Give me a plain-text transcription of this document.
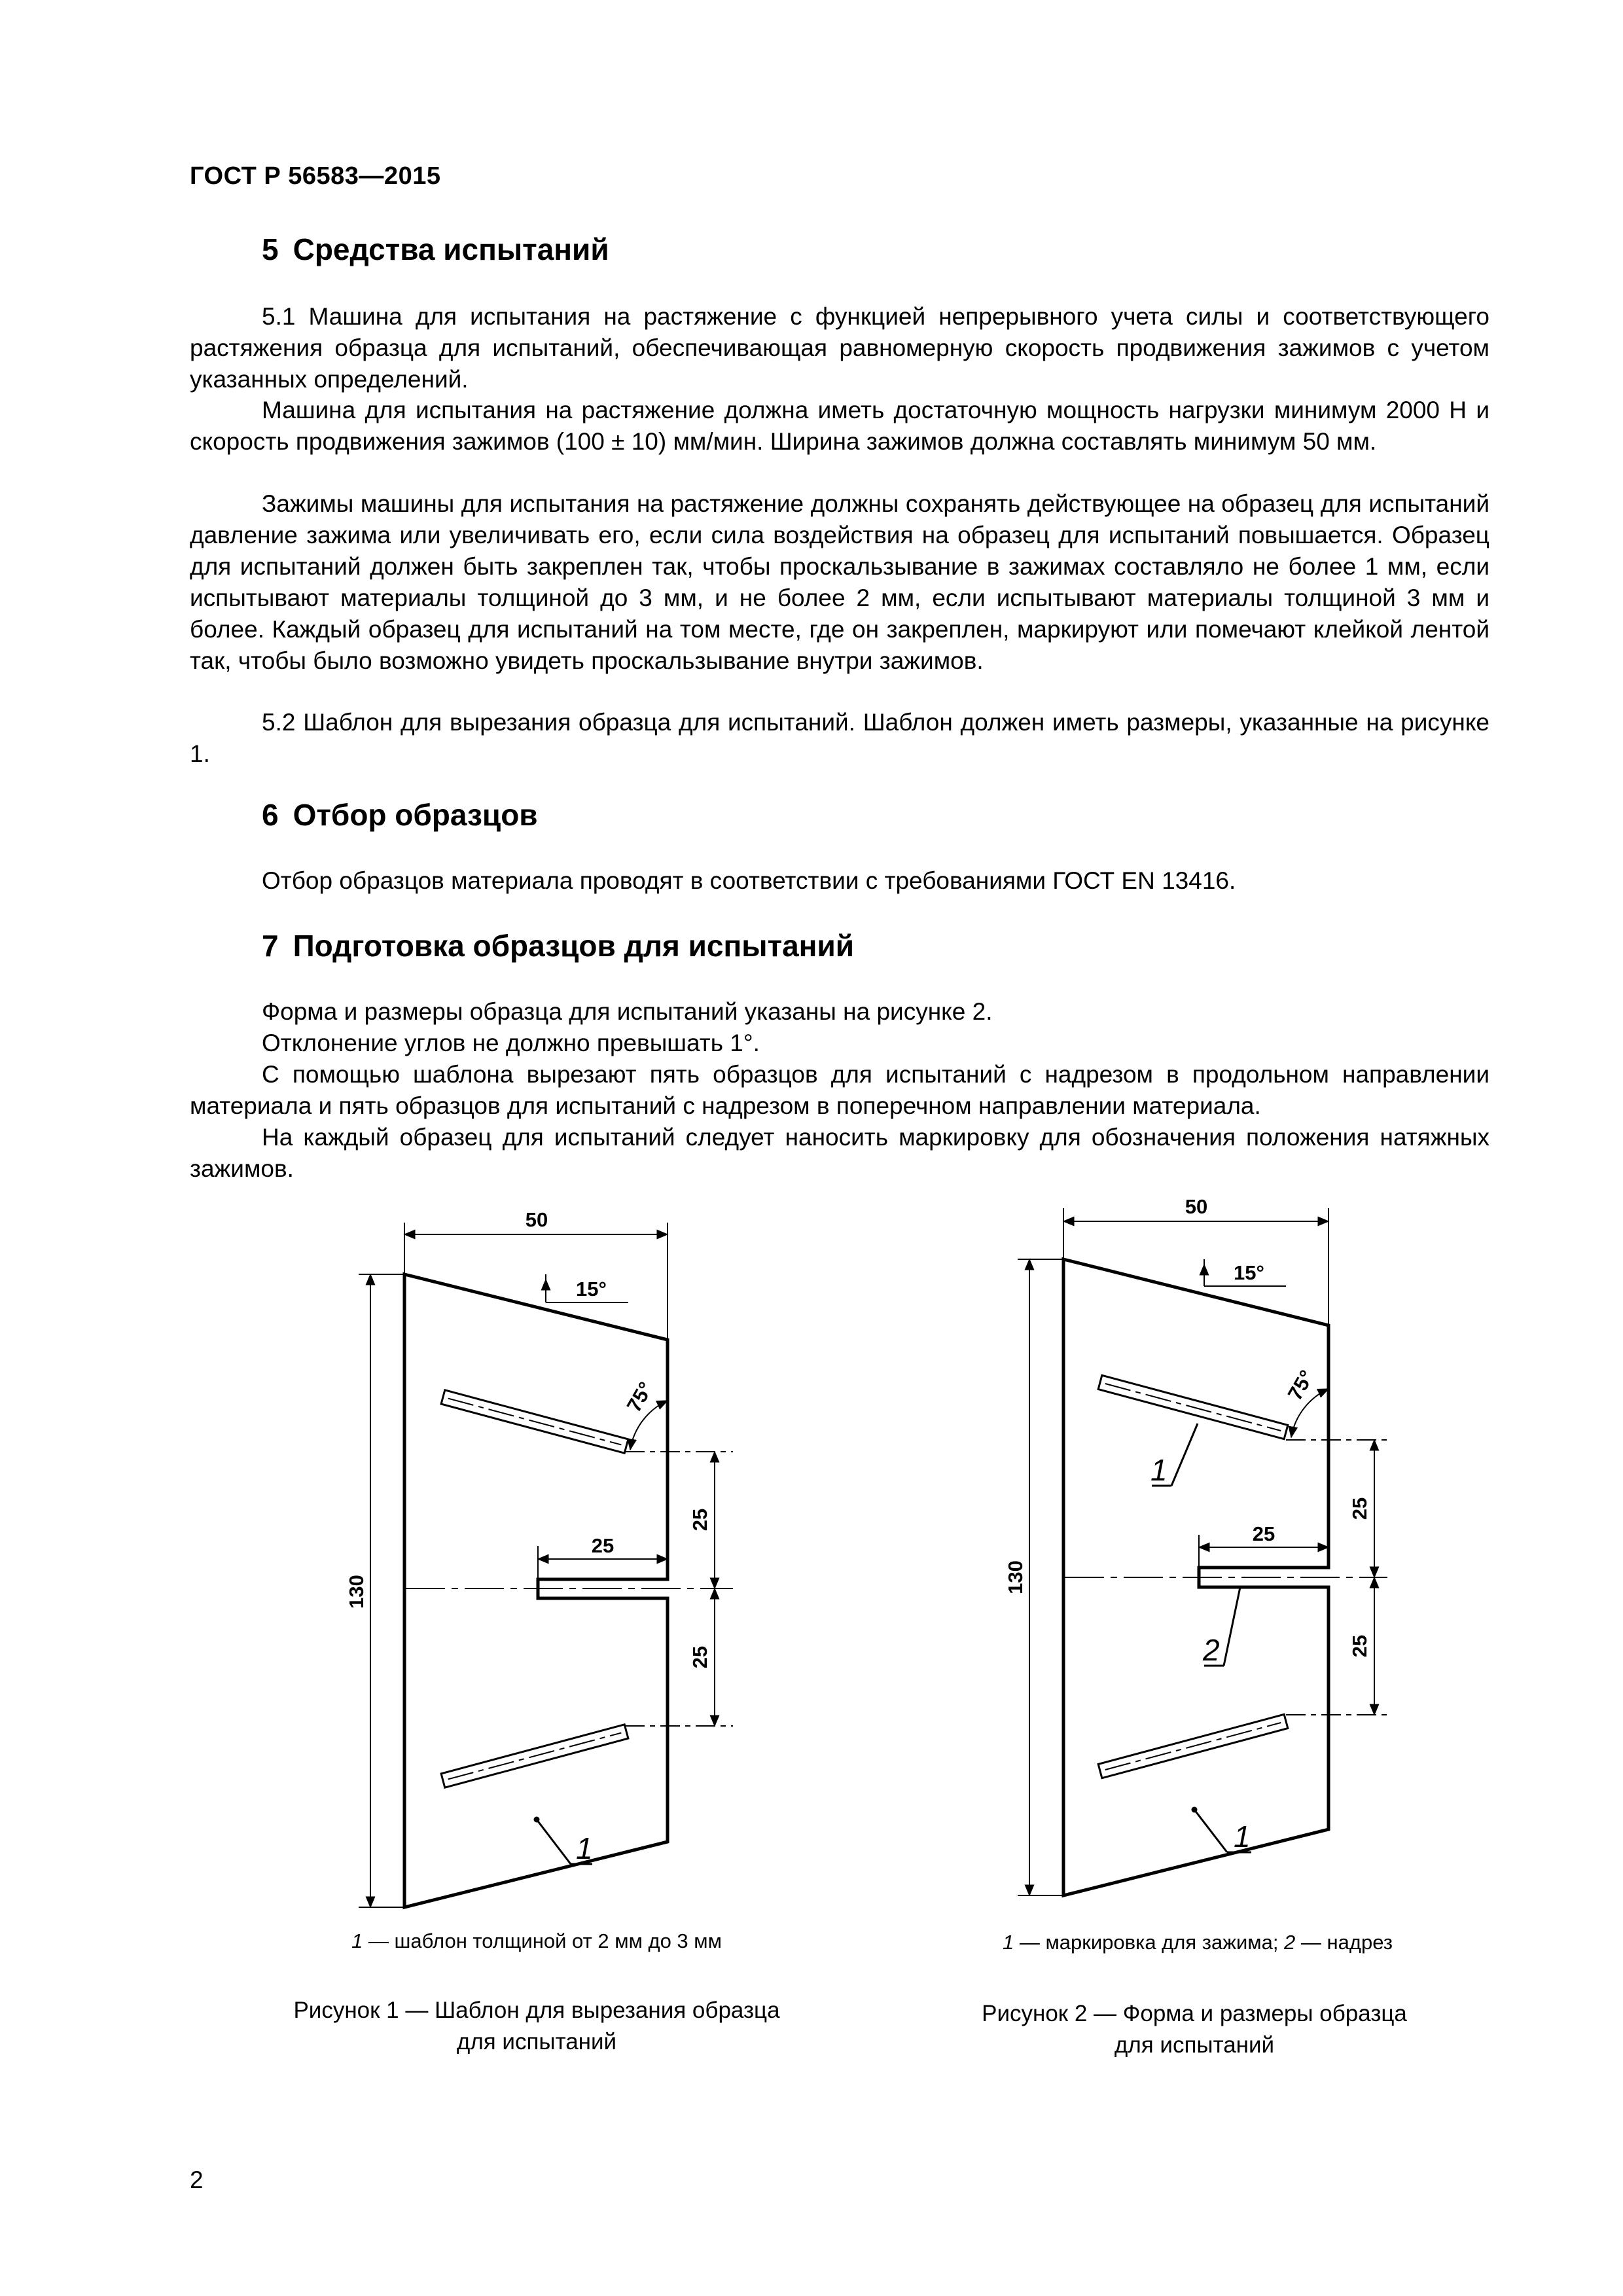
ГОСТ Р 56583—2015
5 Средства испытаний

5.1 Машина для испытания на растяжение с функцией непрерывного учета силы и соответствующего растяжения образца для испытаний, обеспечивающая равномерную скорость продвижения зажимов с учетом указанных определений.

Машина для испытания на растяжение должна иметь достаточную мощность нагрузки минимум 2000 Н и скорость продвижения зажимов (100 ± 10) мм/мин. Ширина зажимов должна составлять минимум 50 мм.

Зажимы машины для испытания на растяжение должны сохранять действующее на образец для испытаний давление зажима или увеличивать его, если сила воздействия на образец для испытаний повышается. Образец для испытаний должен быть закреплен так, чтобы проскальзывание в зажимах составляло не более 1 мм, если испытывают материалы толщиной до 3 мм, и не более 2 мм, если испытывают материалы толщиной 3 мм и более. Каждый образец для испытаний на том месте, где он закреплен, маркируют или помечают клейкой лентой так, чтобы было возможно увидеть проскальзывание внутри зажимов.

5.2 Шаблон для вырезания образца для испытаний. Шаблон должен иметь размеры, указанные на рисунке 1.

6 Отбор образцов

Отбор образцов материала проводят в соответствии с требованиями ГОСТ EN 13416.

7 Подготовка образцов для испытаний

Форма и размеры образца для испытаний указаны на рисунке 2.

Отклонение углов не должно превышать 1°.

С помощью шаблона вырезают пять образцов для испытаний с надрезом в продольном направлении материала и пять образцов для испытаний с надрезом в поперечном направлении материала.

На каждый образец для испытаний следует наносить маркировку для обозначения положения натяжных зажимов.

50
15°
75°
130
25
25
25
1
50
15°
75°
130
25
25
25
1
2
1
1 — шаблон толщиной от 2 мм до 3 мм
Рисунок 1 — Шаблон для вырезания образца
для испытаний
1 — маркировка для зажима; 2 — надрез
Рисунок 2 — Форма и размеры образца
для испытаний
2
